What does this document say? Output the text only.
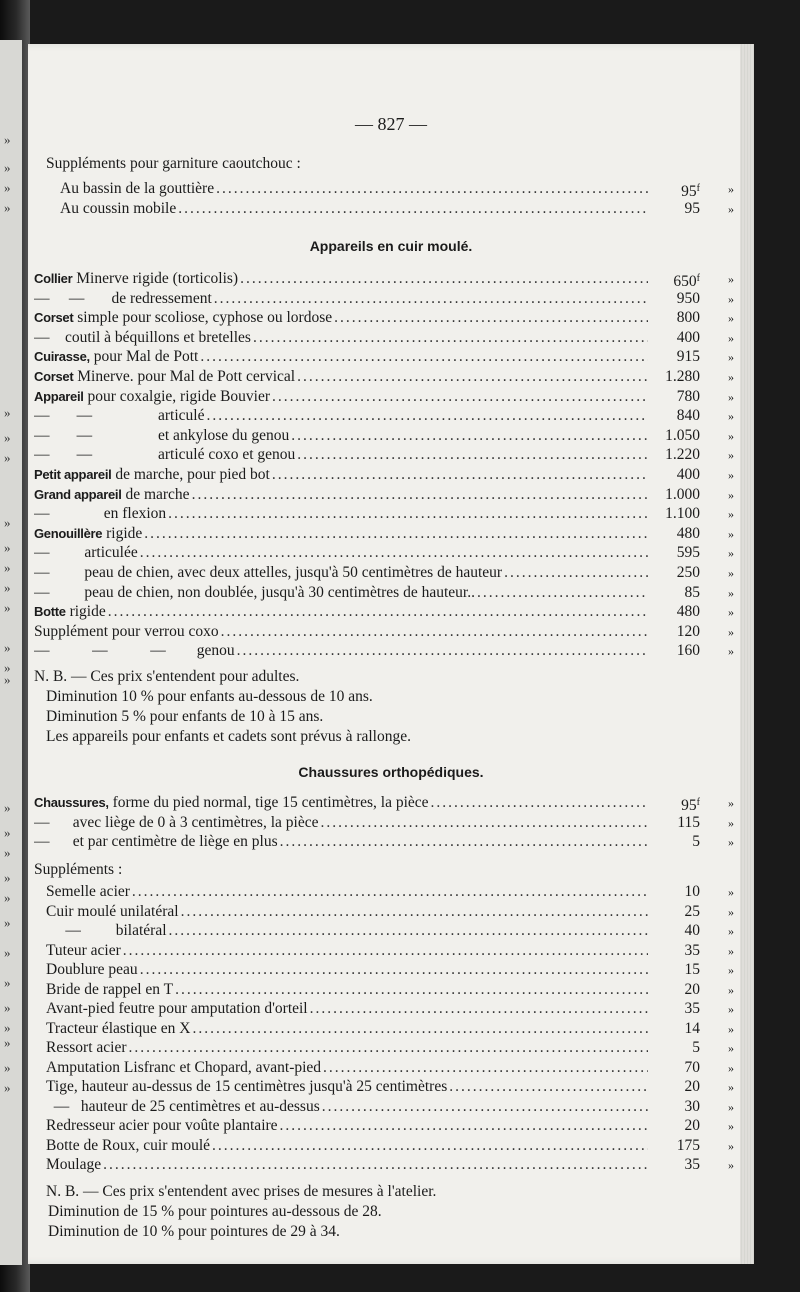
»
»
»
»
»
»
»
»
»
»
»
»
»
»
»
»
»
»
»
»
»
»
»
»
»
»
»
»
— 827 —
Suppléments pour garniture caoutchouc :
Au bassin de la gouttière .....	95$^f$ »
Au coussin mobile .....	95 »
Appareils en cuir moulé.
Collier Minerve rigide (torticolis) .....	650$^f$ »
—     —       de redressement .....	950 »
Corset simple pour scoliose, cyphose ou lordose .....	800 »
—    coutil à béquillons et bretelles .....	400 »
Cuirasse, pour Mal de Pott .....	915 »
Corset Minerve. pour Mal de Pott cervical .....	1.280 »
Appareil pour coxalgie, rigide Bouvier .....	780 »
—       —                 articulé .....	840 »
—       —                 et ankylose du genou .....	1.050 »
—       —                 articulé coxo et genou .....	1.220 »
Petit appareil de marche, pour pied bot .....	400 »
Grand appareil de marche .....	1.000 »
—              en flexion .....	1.100 »
Genouillère rigide .....	480 »
—         articulée .....	595 »
—         peau de chien, avec deux attelles, jusqu'à 50 centimètres de hauteur .....	250 »
—         peau de chien, non doublée, jusqu'à 30 centimètres de hauteur.. .....	85 »
Botte rigide .....	480 »
Supplément pour verrou coxo .....	120 »
—           —           —        genou .....	160 »
N. B. — Ces prix s'entendent pour adultes.
Diminution 10 % pour enfants au-dessous de 10 ans.
Diminution 5 % pour enfants de 10 à 15 ans.
Les appareils pour enfants et cadets sont prévus à rallonge.
Chaussures orthopédiques.
Chaussures, forme du pied normal, tige 15 centimètres, la pièce .....	95$^f$ »
—      avec liège de 0 à 3 centimètres, la pièce .....	115 »
—      et par centimètre de liège en plus .....	5 »
Suppléments :
Semelle acier .....	10 »
Cuir moulé unilatéral .....	25 »
—         bilatéral .....	40 »
Tuteur acier .....	35 »
Doublure peau .....	15 »
Bride de rappel en T .....	20 »
Avant-pied feutre pour amputation d'orteil .....	35 »
Tracteur élastique en X .....	14 »
Ressort acier .....	5 »
Amputation Lisfranc et Chopard, avant-pied .....	70 »
Tige, hauteur au-dessus de 15 centimètres jusqu'à 25 centimètres .....	20 »
—   hauteur de 25 centimètres et au-dessus .....	30 »
Redresseur acier pour voûte plantaire .....	20 »
Botte de Roux, cuir moulé .....	175 »
Moulage .....	35 »
N. B. — Ces prix s'entendent avec prises de mesures à l'atelier.
Diminution de 15 % pour pointures au-dessous de 28.
Diminution de 10 % pour pointures de 29 à 34.
